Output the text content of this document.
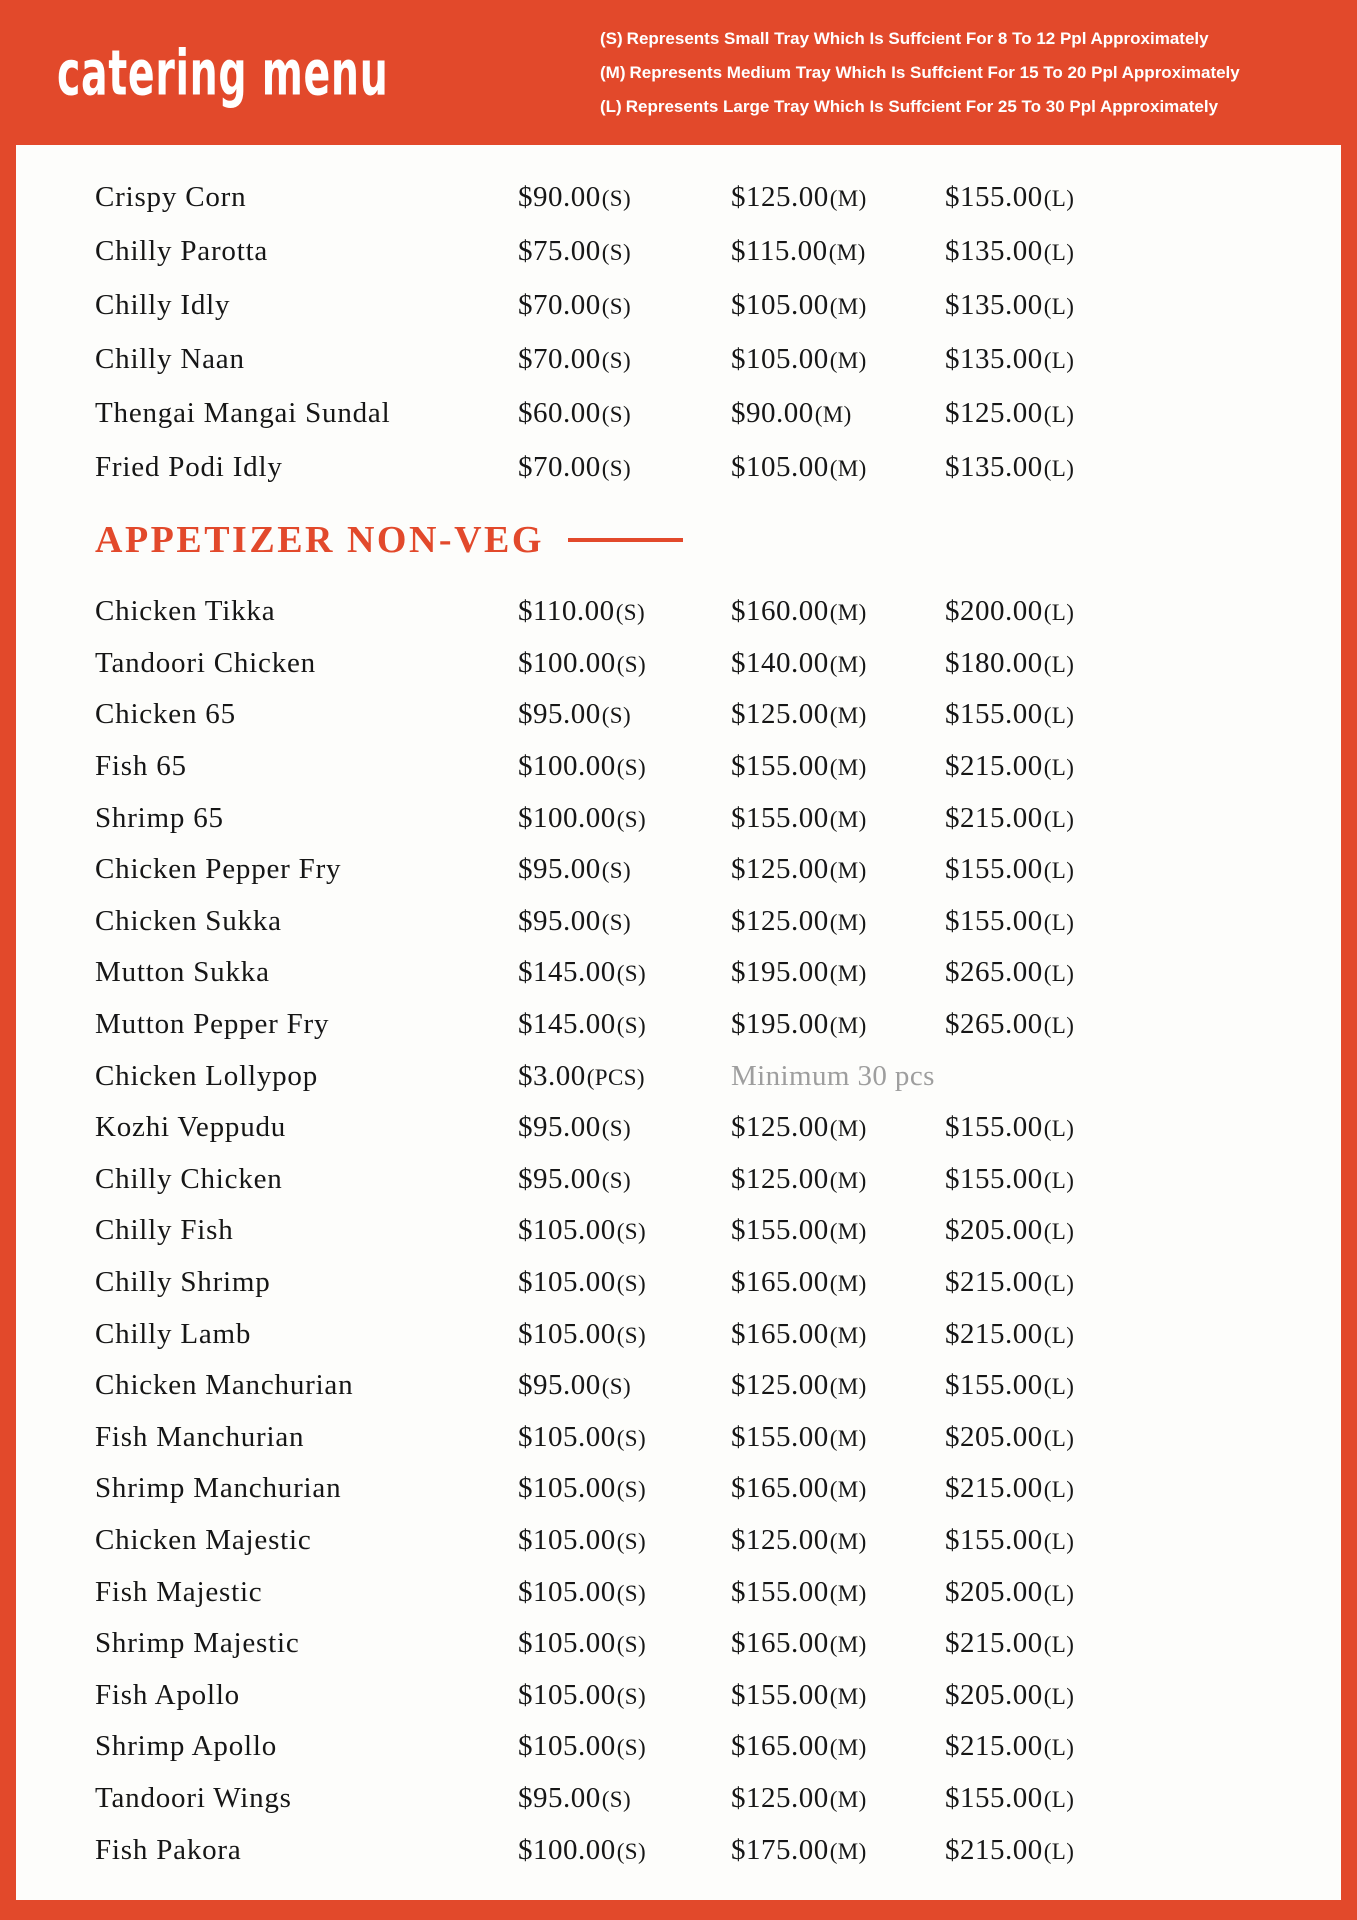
catering menu	(S) Represents Small Tray Which Is Suffcient For 8 To 12 Ppl Approximately
(M) Represents Medium Tray Which Is Suffcient For 15 To 20 Ppl Approximately
(L) Represents Large Tray Which Is Suffcient For 25 To 30 Ppl Approximately
Crispy Corn	$90.00(S)	$125.00(M)	$155.00(L)
Chilly Parotta	$75.00(S)	$115.00(M)	$135.00(L)
Chilly Idly	$70.00(S)	$105.00(M)	$135.00(L)
Chilly Naan	$70.00(S)	$105.00(M)	$135.00(L)
Thengai Mangai Sundal	$60.00(S)	$90.00(M)	$125.00(L)
Fried Podi Idly	$70.00(S)	$105.00(M)	$135.00(L)
APPETIZER NON-VEG
Chicken Tikka	$110.00(S)	$160.00(M)	$200.00(L)
Tandoori Chicken	$100.00(S)	$140.00(M)	$180.00(L)
Chicken 65	$95.00(S)	$125.00(M)	$155.00(L)
Fish 65	$100.00(S)	$155.00(M)	$215.00(L)
Shrimp 65	$100.00(S)	$155.00(M)	$215.00(L)
Chicken Pepper Fry	$95.00(S)	$125.00(M)	$155.00(L)
Chicken Sukka	$95.00(S)	$125.00(M)	$155.00(L)
Mutton Sukka	$145.00(S)	$195.00(M)	$265.00(L)
Mutton Pepper Fry	$145.00(S)	$195.00(M)	$265.00(L)
Chicken Lollypop	$3.00(PCS)	Minimum 30 pcs
Kozhi Veppudu	$95.00(S)	$125.00(M)	$155.00(L)
Chilly Chicken	$95.00(S)	$125.00(M)	$155.00(L)
Chilly Fish	$105.00(S)	$155.00(M)	$205.00(L)
Chilly Shrimp	$105.00(S)	$165.00(M)	$215.00(L)
Chilly Lamb	$105.00(S)	$165.00(M)	$215.00(L)
Chicken Manchurian	$95.00(S)	$125.00(M)	$155.00(L)
Fish Manchurian	$105.00(S)	$155.00(M)	$205.00(L)
Shrimp Manchurian	$105.00(S)	$165.00(M)	$215.00(L)
Chicken Majestic	$105.00(S)	$125.00(M)	$155.00(L)
Fish Majestic	$105.00(S)	$155.00(M)	$205.00(L)
Shrimp Majestic	$105.00(S)	$165.00(M)	$215.00(L)
Fish Apollo	$105.00(S)	$155.00(M)	$205.00(L)
Shrimp Apollo	$105.00(S)	$165.00(M)	$215.00(L)
Tandoori Wings	$95.00(S)	$125.00(M)	$155.00(L)
Fish Pakora	$100.00(S)	$175.00(M)	$215.00(L)
